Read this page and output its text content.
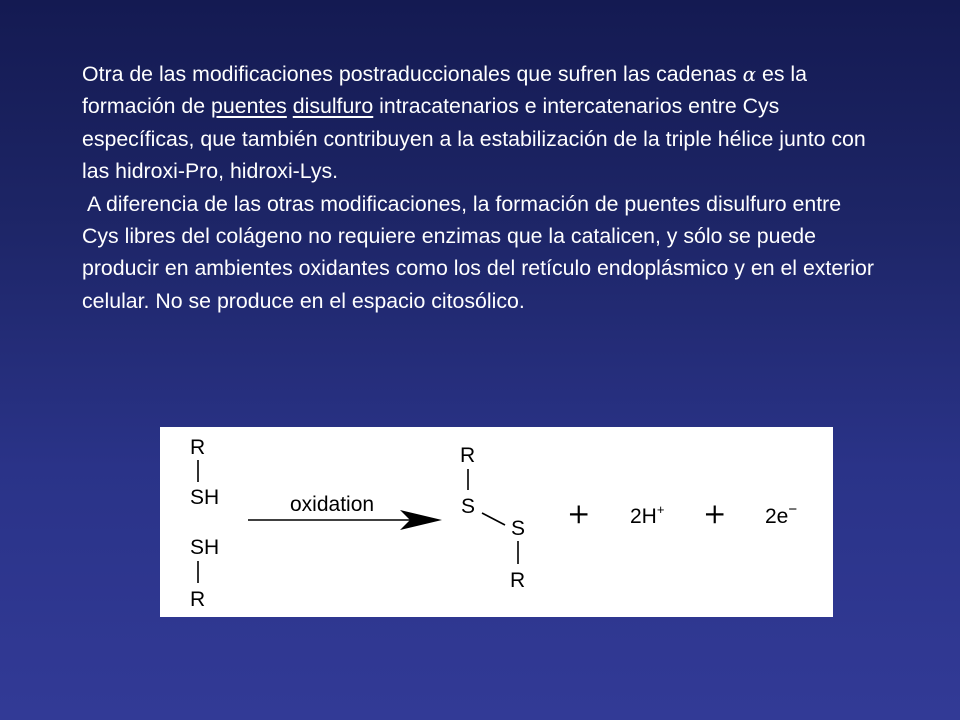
Otra de las modificaciones postraduccionales que sufren las cadenas α es la formación de puentes disulfuro intracatenarios e intercatenarios entre Cys específicas, que también contribuyen a la estabilización de la triple hélice junto con las hidroxi-Pro, hidroxi-Lys.

A diferencia de las otras modificaciones, la formación de puentes disulfuro entre Cys libres del colágeno no requiere enzimas que la catalicen, y sólo se puede producir en ambientes oxidantes como los del retículo endoplásmico y en el exterior celular. No se produce en el espacio citosólico.

R
SH
SH
R
oxidation
R
S
S
R
+ 2H+ + 2e−
